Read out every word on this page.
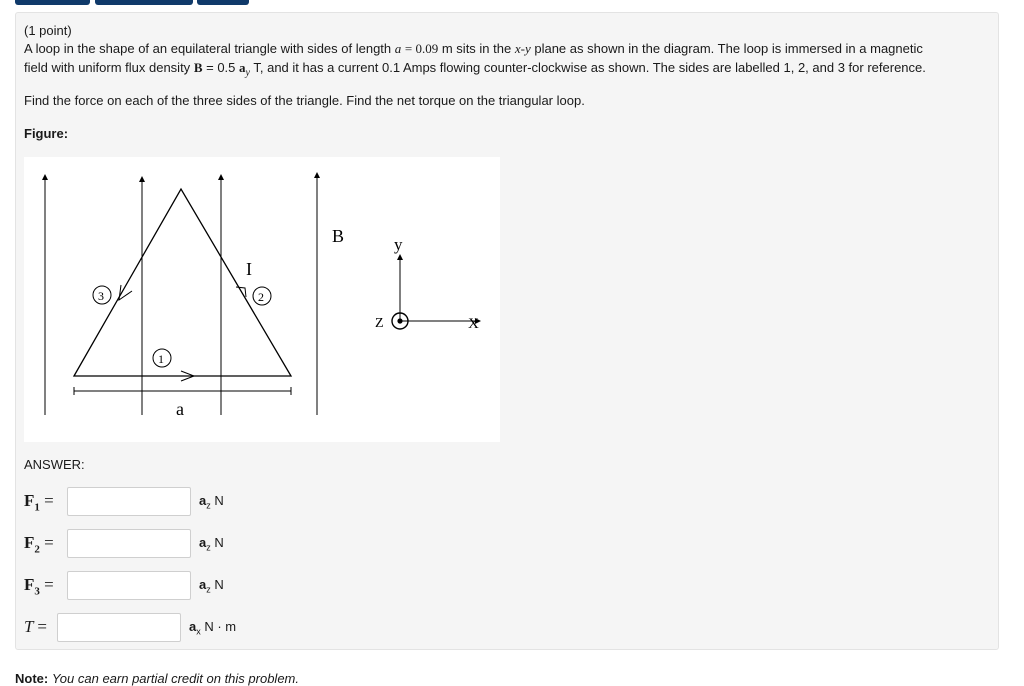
(1 point)
A loop in the shape of an equilateral triangle with sides of length a = 0.09 m sits in the x-y plane as shown in the diagram. The loop is immersed in a magnetic
field with uniform flux density B = 0.5 $a_y$ T, and it has a current 0.1 Amps flowing counter-clockwise as shown. The sides are labelled 1, 2, and 3 for reference.
Find the force on each of the three sides of the triangle. Find the net torque on the triangular loop.
Figure:
B
I
a
y
X
Z
1
2
3
ANSWER:
$F_1$ =	$a_z$ N
$F_2$ =	$a_z$ N
$F_3$ =	$a_z$ N
T =	$a_x$ N · m
Note: You can earn partial credit on this problem.
